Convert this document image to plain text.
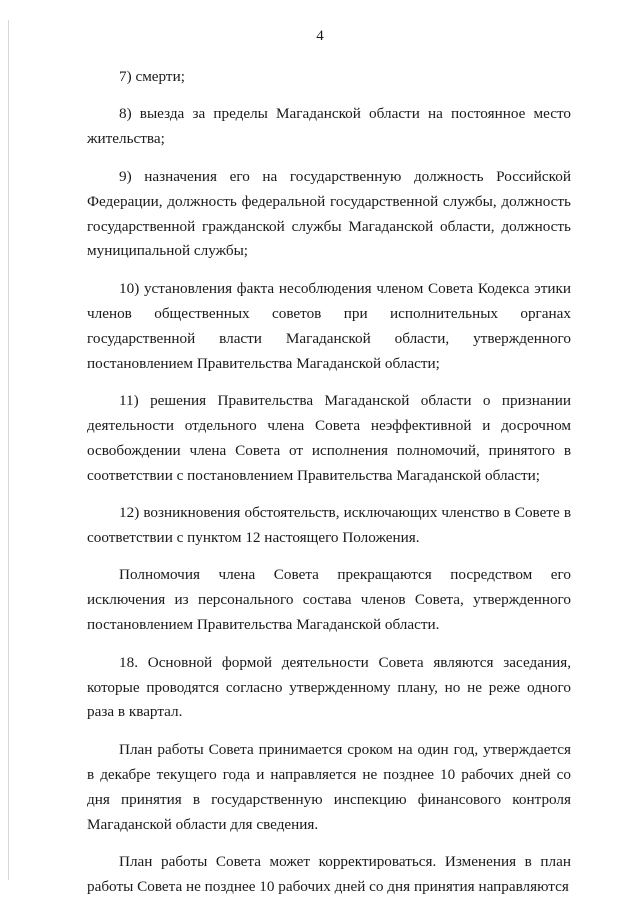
4

7) смерти;

8) выезда за пределы Магаданской области на постоянное место жительства;

9) назначения его на государственную должность Российской Федерации, должность федеральной государственной службы, должность государственной гражданской службы Магаданской области, должность муниципальной службы;

10) установления факта несоблюдения членом Совета Кодекса этики членов общественных советов при исполнительных органах государственной власти Магаданской области, утвержденного постановлением Правительства Магаданской области;

11) решения Правительства Магаданской области о признании деятельности отдельного члена Совета неэффективной и досрочном освобождении члена Совета от исполнения полномочий, принятого в соответствии с постановлением Правительства Магаданской области;

12) возникновения обстоятельств, исключающих членство в Совете в соответствии с пунктом 12 настоящего Положения.

Полномочия члена Совета прекращаются посредством его исключения из персонального состава членов Совета, утвержденного постановлением Правительства Магаданской области.

18. Основной формой деятельности Совета являются заседания, которые проводятся согласно утвержденному плану, но не реже одного раза в квартал.

План работы Совета принимается сроком на один год, утверждается в декабре текущего года и направляется не позднее 10 рабочих дней со дня принятия в государственную инспекцию финансового контроля Магаданской области для сведения.

План работы Совета может корректироваться. Изменения в план работы Совета не позднее 10 рабочих дней со дня принятия направляются
